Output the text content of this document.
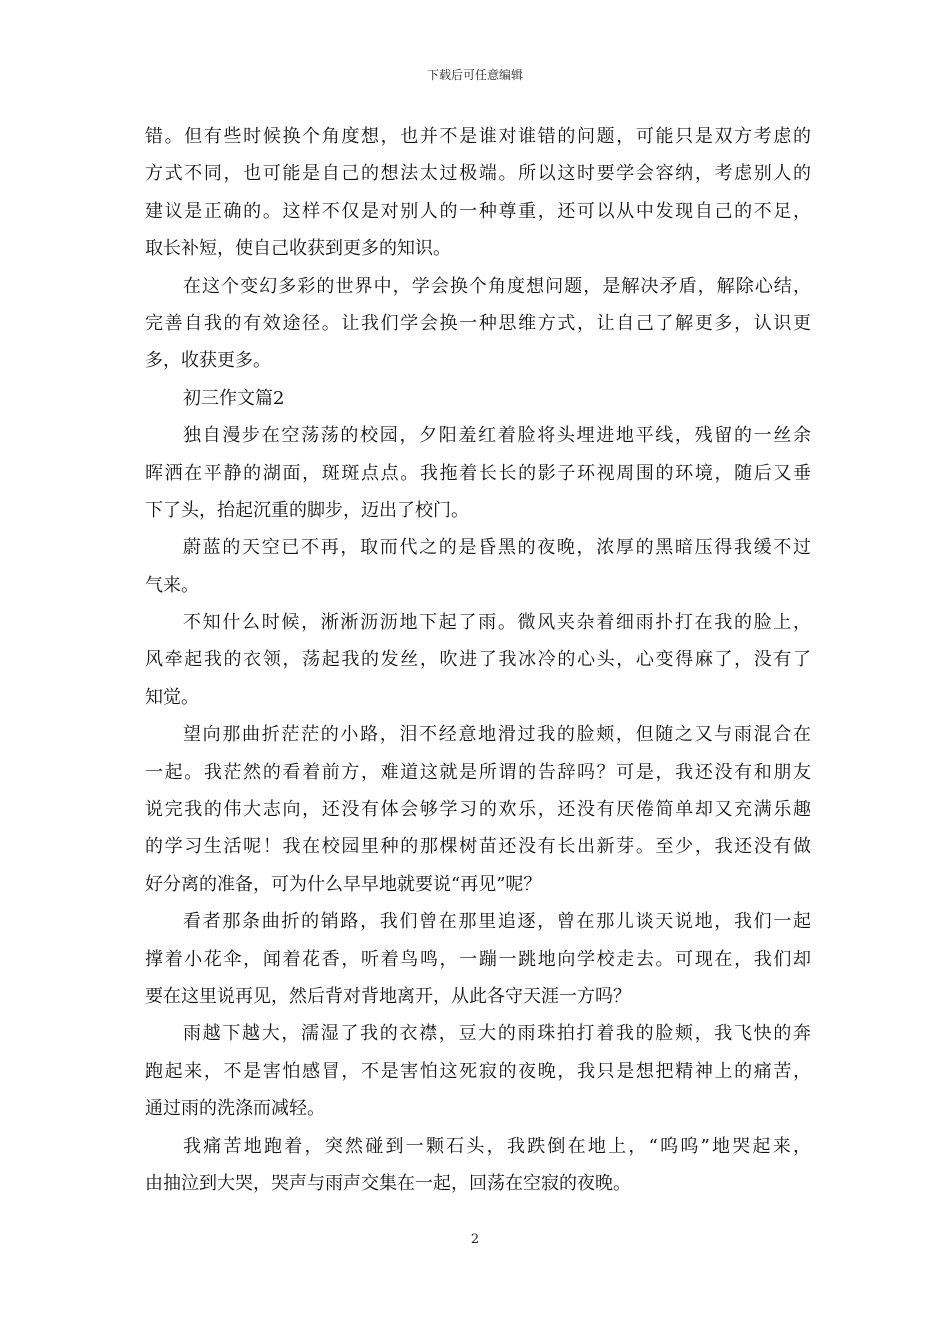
下载后可任意编辑
错。但有些时候换个角度想，也并不是谁对谁错的问题，可能只是双方考虑的
方式不同，也可能是自己的想法太过极端。所以这时要学会容纳，考虑别人的
建议是正确的。这样不仅是对别人的一种尊重，还可以从中发现自己的不足，
取长补短，使自己收获到更多的知识。
在这个变幻多彩的世界中，学会换个角度想问题，是解决矛盾，解除心结，
完善自我的有效途径。让我们学会换一种思维方式，让自己了解更多，认识更
多，收获更多。
初三作文篇2
独自漫步在空荡荡的校园，夕阳羞红着脸将头埋进地平线，残留的一丝余
晖洒在平静的湖面，斑斑点点。我拖着长长的影子环视周围的环境，随后又垂
下了头，抬起沉重的脚步，迈出了校门。
蔚蓝的天空已不再，取而代之的是昏黑的夜晚，浓厚的黑暗压得我缓不过
气来。
不知什么时候，淅淅沥沥地下起了雨。微风夹杂着细雨扑打在我的脸上，
风牵起我的衣领，荡起我的发丝，吹进了我冰冷的心头，心变得麻了，没有了
知觉。
望向那曲折茫茫的小路，泪不经意地滑过我的脸颊，但随之又与雨混合在
一起。我茫然的看着前方，难道这就是所谓的告辞吗？可是，我还没有和朋友
说完我的伟大志向，还没有体会够学习的欢乐，还没有厌倦简单却又充满乐趣
的学习生活呢！我在校园里种的那棵树苗还没有长出新芽。至少，我还没有做
好分离的准备，可为什么早早地就要说“再见”呢？
看者那条曲折的销路，我们曾在那里追逐，曾在那儿谈天说地，我们一起
撑着小花伞，闻着花香，听着鸟鸣，一蹦一跳地向学校走去。可现在，我们却
要在这里说再见，然后背对背地离开，从此各守天涯一方吗？
雨越下越大，濡湿了我的衣襟，豆大的雨珠拍打着我的脸颊，我飞快的奔
跑起来，不是害怕感冒，不是害怕这死寂的夜晚，我只是想把精神上的痛苦，
通过雨的洗涤而减轻。
我痛苦地跑着，突然碰到一颗石头，我跌倒在地上，“呜呜”地哭起来，
由抽泣到大哭，哭声与雨声交集在一起，回荡在空寂的夜晚。
2
